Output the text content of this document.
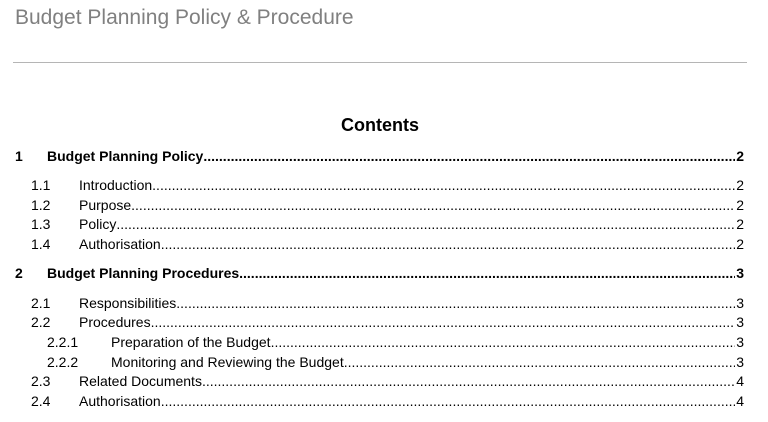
Budget Planning Policy & Procedure
Contents
1 Budget Planning Policy .....	2
1.1 Introduction .....	2
1.2 Purpose .....	2
1.3 Policy .....	2
1.4 Authorisation .....	2
2 Budget Planning Procedures .....	3
2.1 Responsibilities .....	3
2.2 Procedures .....	3
2.2.1 Preparation of the Budget .....	3
2.2.2 Monitoring and Reviewing the Budget .....	3
2.3 Related Documents .....	4
2.4 Authorisation .....	4
